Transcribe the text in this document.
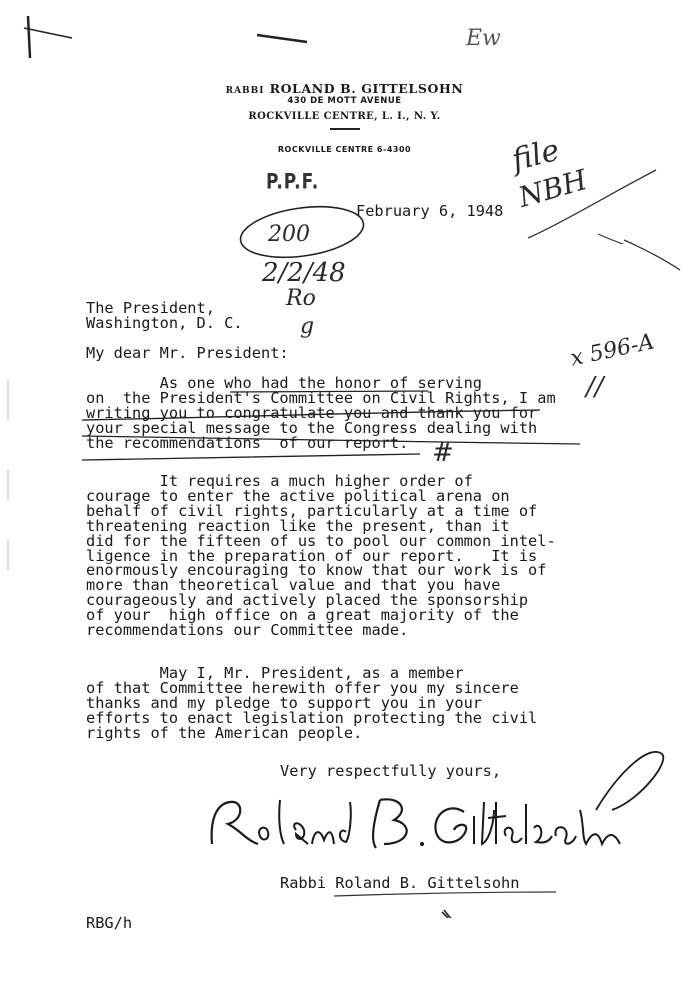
Ew
RABBI ROLAND B. GITTELSOHN
430 DE MOTT AVENUE
ROCKVILLE CENTRE, L. I., N. Y.
ROCKVILLE CENTRE 6-4300
P.P.F.
file
NBH
February 6, 1948
200
2/2/48
Ro
g
The President,
Washington, D. C.
My dear Mr. President:	x 596-A
//
As one who had the honor of serving
on  the President's Committee on Civil Rights, I am
writing you to congratulate you and thank you for
your special message to the Congress dealing with
the recommendations  of our report. #
It requires a much higher order of
courage to enter the active political arena on
behalf of civil rights, particularly at a time of
threatening reaction like the present, than it
did for the fifteen of us to pool our common intel-
ligence in the preparation of our report.   It is
enormously encouraging to know that our work is of
more than theoretical value and that you have
courageously and actively placed the sponsorship
of your  high office on a great majority of the
recommendations our Committee made.
May I, Mr. President, as a member
of that Committee herewith offer you my sincere
thanks and my pledge to support you in your
efforts to enact legislation protecting the civil
rights of the American people.
Very respectfully yours,
Rabbi Roland B. Gittelsohn
RBG/h
